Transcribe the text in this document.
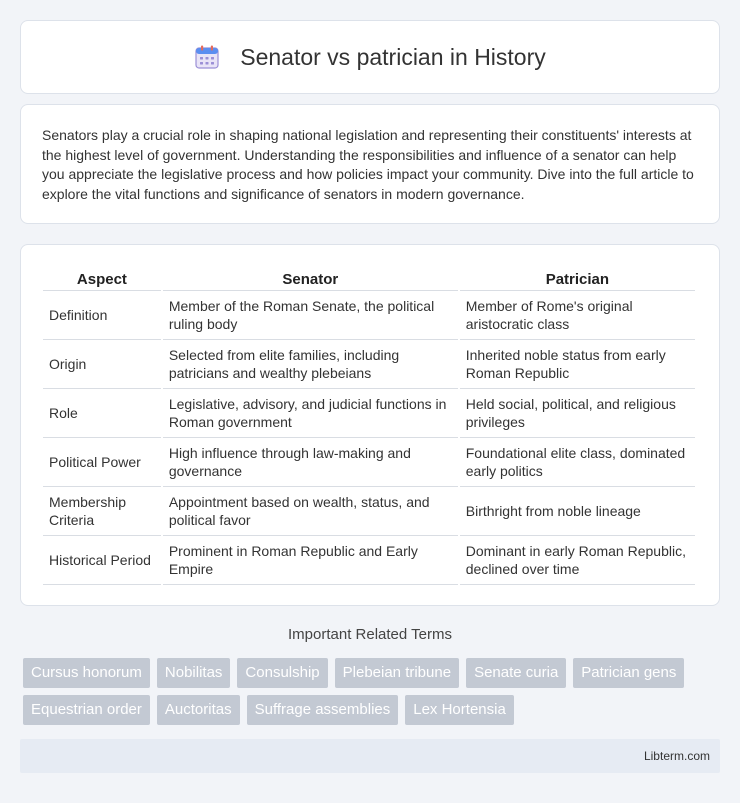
Senator vs patrician in History

Senators play a crucial role in shaping national legislation and representing their constituents' interests at the highest level of government. Understanding the responsibilities and influence of a senator can help you appreciate the legislative process and how policies impact your community. Dive into the full article to explore the vital functions and significance of senators in modern governance.

Aspect	Senator	Patrician
Definition	Member of the Roman Senate, the political ruling body	Member of Rome's original aristocratic class
Origin	Selected from elite families, including patricians and wealthy plebeians	Inherited noble status from early Roman Republic
Role	Legislative, advisory, and judicial functions in Roman government	Held social, political, and religious privileges
Political Power	High influence through law-making and governance	Foundational elite class, dominated early politics
Membership Criteria	Appointment based on wealth, status, and political favor	Birthright from noble lineage
Historical Period	Prominent in Roman Republic and Early Empire	Dominant in early Roman Republic, declined over time
Important Related Terms
Cursus honorum	Nobilitas	Consulship	Plebeian tribune	Senate curia	Patrician gens
Equestrian order	Auctoritas	Suffrage assemblies	Lex Hortensia
Libterm.com
